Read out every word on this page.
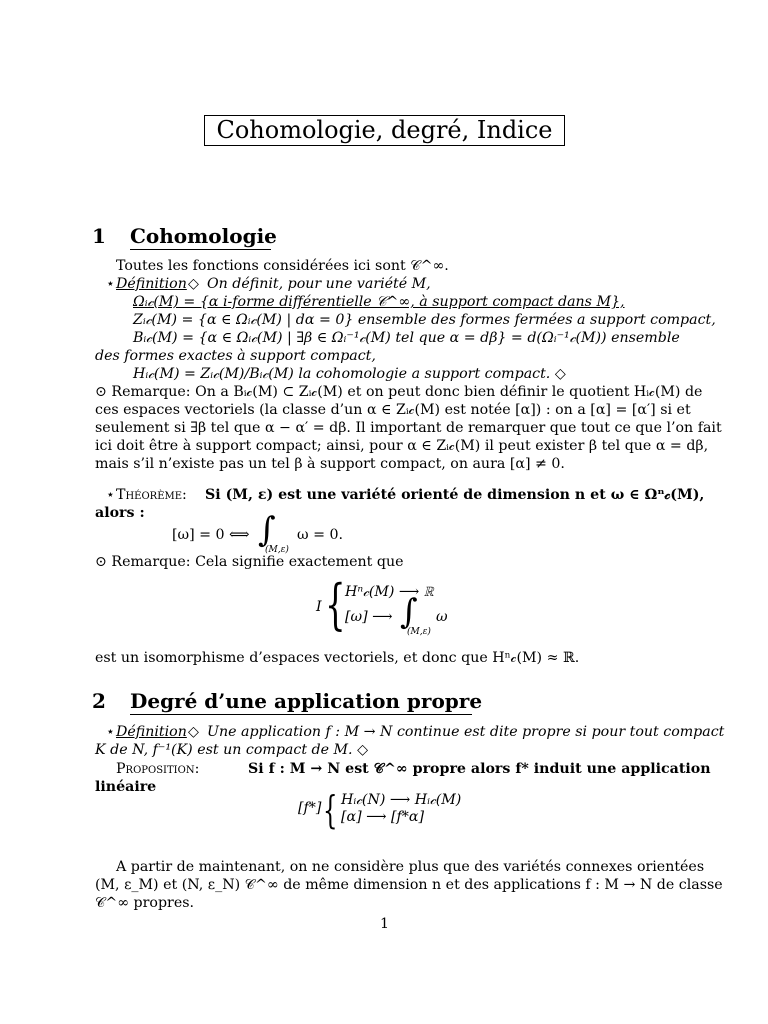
Cohomologie, degré, Indice
1 Cohomologie
Toutes les fonctions considérées ici sont 𝒞^∞.
⋆ Définition ◇ On définit, pour une variété M,
Ωᵢ𝒸(M) = {α i-forme différentielle 𝒞^∞, à support compact dans M},
Zᵢ𝒸(M) = {α ∈ Ωᵢ𝒸(M) | dα = 0} ensemble des formes fermées a support compact,
Bᵢ𝒸(M) = {α ∈ Ωᵢ𝒸(M) | ∃β ∈ Ωᵢ⁻¹𝒸(M) tel que α = dβ} = d(Ωᵢ⁻¹𝒸(M)) ensemble
des formes exactes à support compact,
Hᵢ𝒸(M) = Zᵢ𝒸(M)/Bᵢ𝒸(M) la cohomologie a support compact. ◇
⊙ Remarque: On a Bᵢ𝒸(M) ⊂ Zᵢ𝒸(M) et on peut donc bien définir le quotient Hᵢ𝒸(M) de
ces espaces vectoriels (la classe d’un α ∈ Zᵢ𝒸(M) est notée [α]) : on a [α] = [α′] si et
seulement si ∃β tel que α − α′ = dβ. Il important de remarquer que tout ce que l’on fait
ici doit être à support compact; ainsi, pour α ∈ Zᵢ𝒸(M) il peut exister β tel que α = dβ,
mais s’il n’existe pas un tel β à support compact, on aura [α] ≠ 0.
⋆ Théorème: Si (M, ε) est une variété orienté de dimension n et ω ∈ Ωⁿ𝒸(M),
alors :
[ω] = 0 ⟺ ∫
(M,ε)
ω = 0.
⊙ Remarque: Cela signifie exactement que
I { Hⁿ𝒸(M) ⟶ ℝ
[ω] ⟶ ∫
(M,ε)
ω
est un isomorphisme d’espaces vectoriels, et donc que Hⁿ𝒸(M) ≈ ℝ.
2 Degré d’une application propre
⋆ Définition ◇ Une application f : M → N continue est dite propre si pour tout compact
K de N, f⁻¹(K) est un compact de M. ◇
Proposition:	Si f : M → N est 𝒞^∞ propre alors f* induit une application
linéaire
[f*] { Hᵢ𝒸(N) ⟶ Hᵢ𝒸(M)
[α] ⟶ [f*α]
A partir de maintenant, on ne considère plus que des variétés connexes orientées
(M, ε_M) et (N, ε_N) 𝒞^∞ de même dimension n et des applications f : M → N de classe
𝒞^∞ propres.
1
